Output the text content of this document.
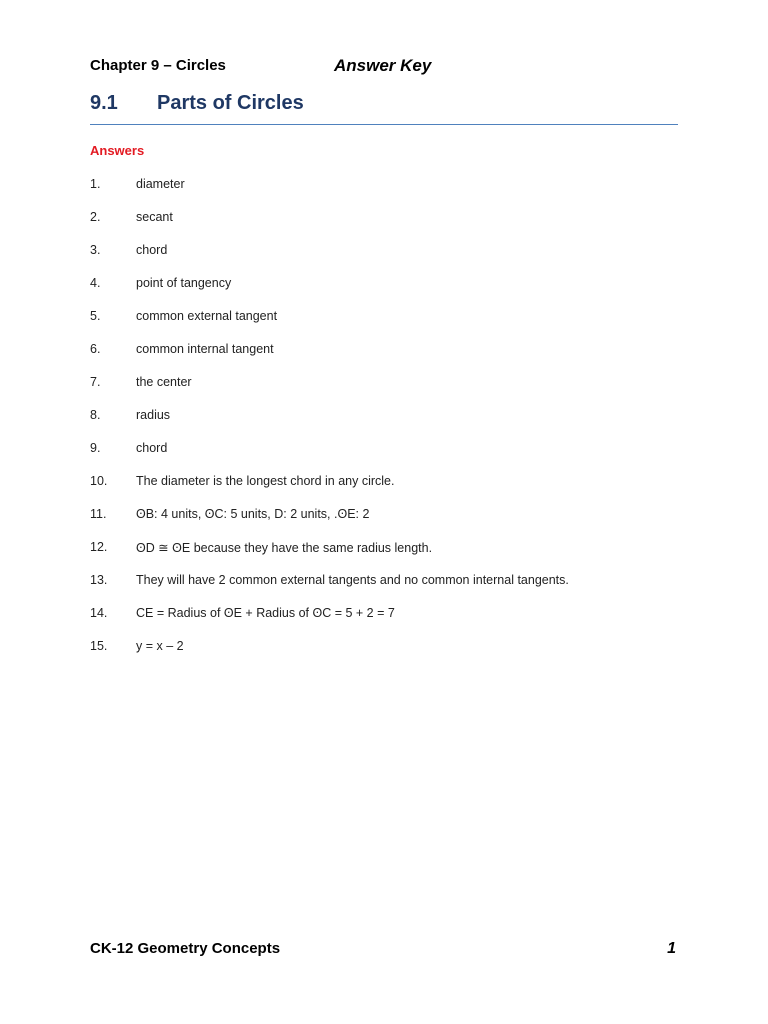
Chapter 9 – Circles	Answer Key
9.1 Parts of Circles
Answers
1.	diameter
2.	secant
3.	chord
4.	point of tangency
5.	common external tangent
6.	common internal tangent
7.	the center
8.	radius
9.	chord
10. The diameter is the longest chord in any circle.
11. ʘB: 4 units, ʘC: 5 units, D: 2 units, .ʘE: 2
12. ʘD ≅ ʘE because they have the same radius length.
13. They will have 2 common external tangents and no common internal tangents.
14. CE = Radius of ʘE + Radius of ʘC = 5 + 2 = 7
15. y = x – 2
CK-12 Geometry Concepts	1
